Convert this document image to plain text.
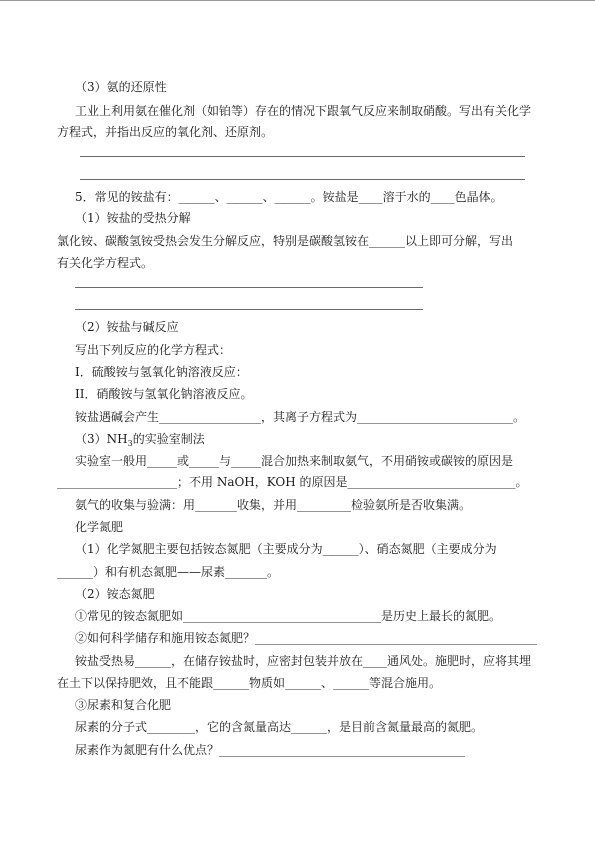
（3）氨的还原性
工业上利用氨在催化剂（如铂等）存在的情况下跟氧气反应来制取硝酸。写出有关化学
方程式，并指出反应的氧化剂、还原剂。
5．常见的铵盐有：______、______、______。铵盐是____溶于水的____色晶体。
（1）铵盐的受热分解
氯化铵、碳酸氢铵受热会发生分解反应，特别是碳酸氢铵在______以上即可分解，写出
有关化学方程式。
（2）铵盐与碱反应
写出下列反应的化学方程式：
I．硫酸铵与氢氧化钠溶液反应：
II．硝酸铵与氢氧化钠溶液反应。
铵盐遇碱会产生_________________，其离子方程式为__________________________。
$(3)NH_3$的实验室制法
实验室一般用_____或_____与_____混合加热来制取氨气，不用硝铵或碳铵的原因是
____________________；不用 NaOH，KOH 的原因是____________________________。
氨气的收集与验满：用_______收集，并用_________检验氨所是否收集满。
化学氮肥
（1）化学氮肥主要包括铵态氮肥（主要成分为______）、硝态氮肥（主要成分为
______）和有机态氮肥——尿素_______。
（2）铵态氮肥
①常见的铵态氮肥如_________________________________是历史上最长的氮肥。
②如何科学储存和施用铵态氮肥？_______________________________________________
铵盐受热易______，在储存铵盐时，应密封包装并放在____通风处。施肥时，应将其埋
在土下以保持肥效，且不能跟______物质如______、______等混合施用。
③尿素和复合化肥
尿素的分子式________，它的含氮量高达______，是目前含氮量最高的氮肥。
尿素作为氮肥有什么优点？_________________________________________
